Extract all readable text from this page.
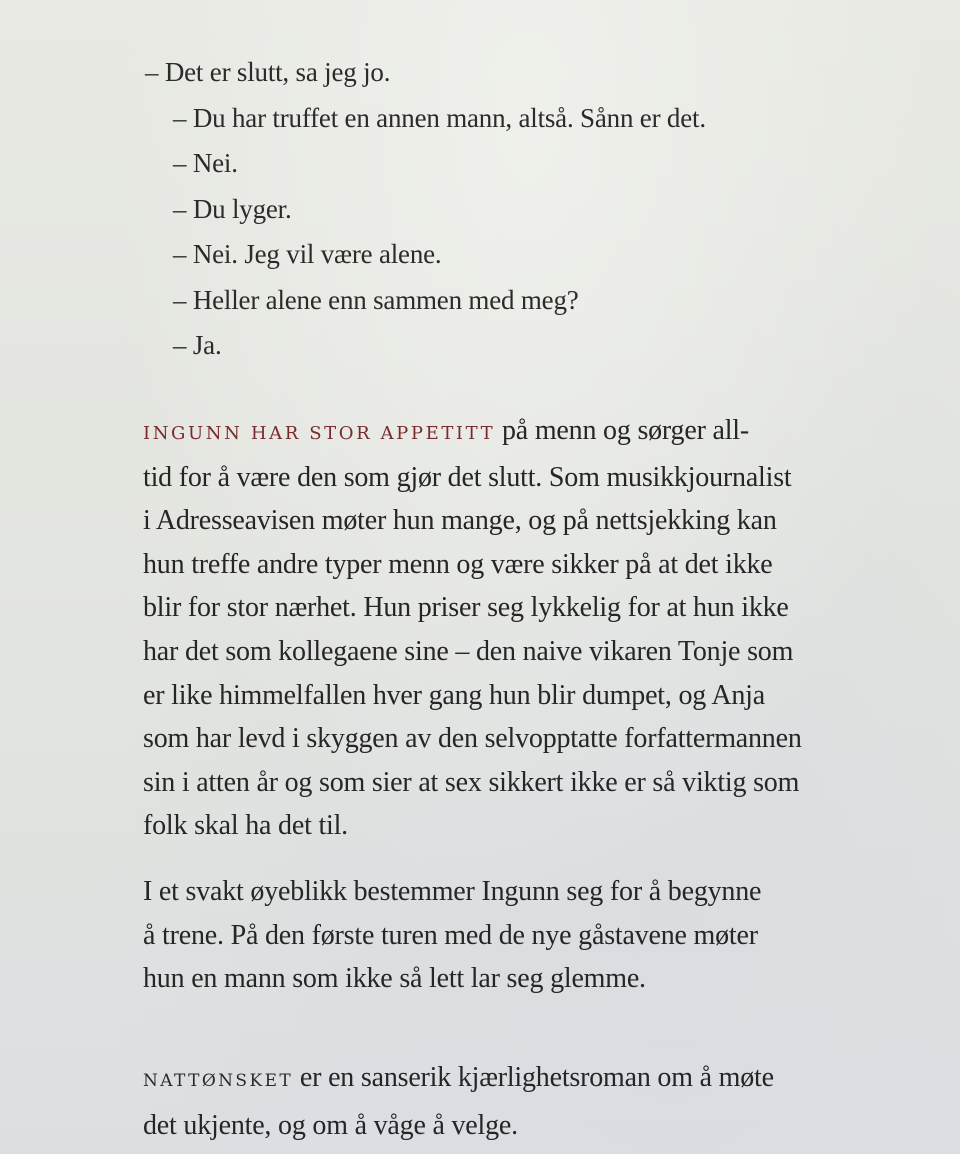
– Det er slutt, sa jeg jo.
– Du har truffet en annen mann, altså. Sånn er det.
– Nei.
– Du lyger.
– Nei. Jeg vil være alene.
– Heller alene enn sammen med meg?
– Ja.
INGUNN HAR STOR APPETITT på menn og sørger all-
tid for å være den som gjør det slutt. Som musikkjournalist
i Adresseavisen møter hun mange, og på nettsjekking kan
hun treffe andre typer menn og være sikker på at det ikke
blir for stor nærhet. Hun priser seg lykkelig for at hun ikke
har det som kollegaene sine – den naive vikaren Tonje som
er like himmelfallen hver gang hun blir dumpet, og Anja
som har levd i skyggen av den selvopptatte forfattermannen
sin i atten år og som sier at sex sikkert ikke er så viktig som
folk skal ha det til.
I et svakt øyeblikk bestemmer Ingunn seg for å begynne
å trene. På den første turen med de nye gåstavene møter
hun en mann som ikke så lett lar seg glemme.
NATTØNSKET er en sanserik kjærlighetsroman om å møte
det ukjente, og om å våge å velge.
